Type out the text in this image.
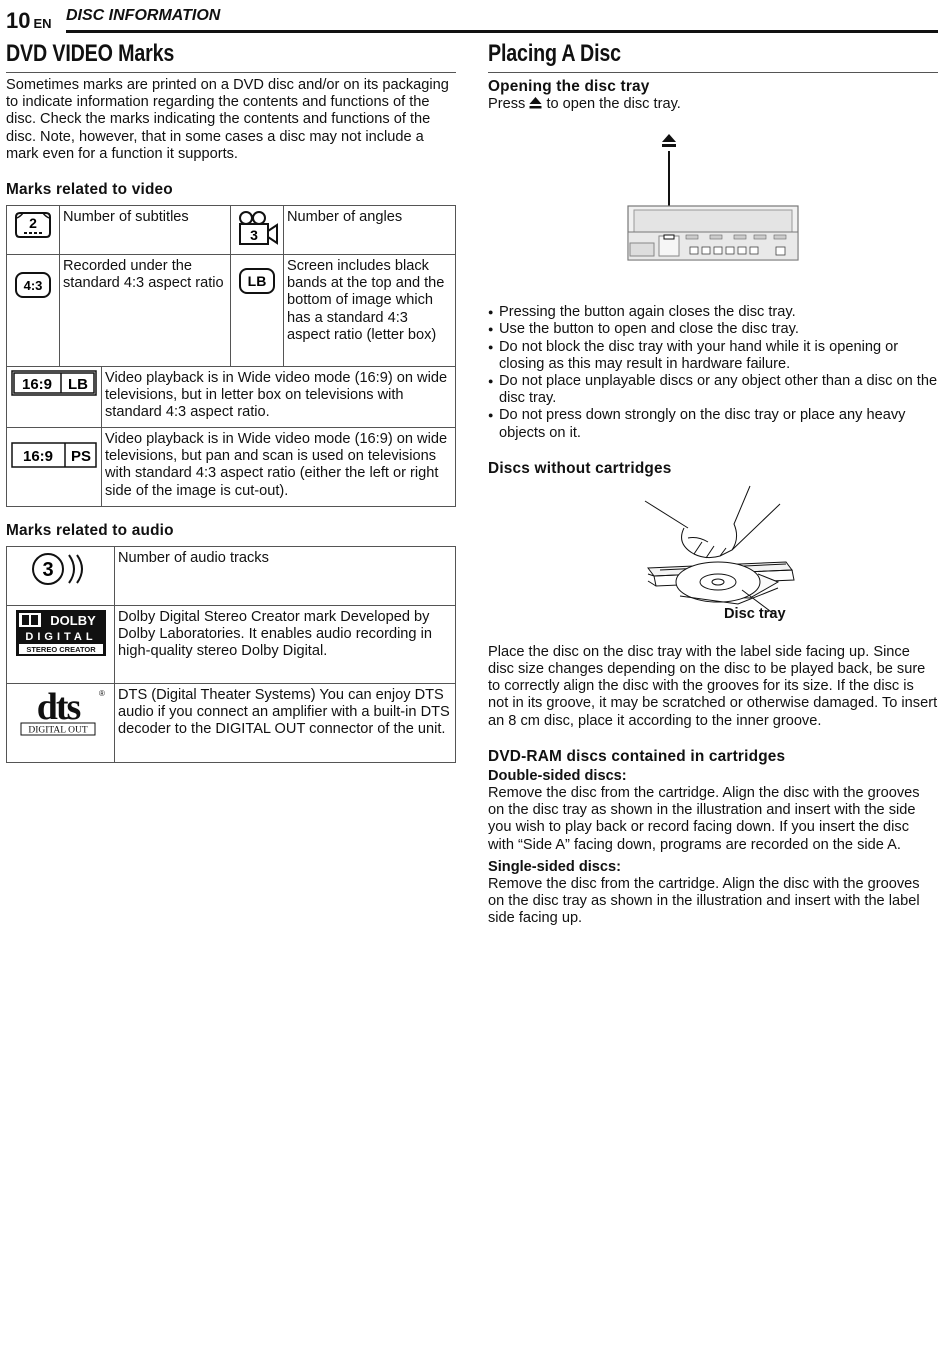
10 EN DISC INFORMATION
DVD VIDEO Marks

Sometimes marks are printed on a DVD disc and/or on its packaging to indicate information regarding the contents and functions of the disc. Check the marks indicating the contents and functions of the disc. Note, however, that in some cases a disc may not include a mark even for a function it supports.

Marks related to video
2	Number of subtitles	3	Number of angles

4:3	Recorded under the standard 4:3 aspect ratio	LB	Screen includes black bands at the top and the bottom of image which has a standard 4:3 aspect ratio (letter box)
16:9 LB	Video playback is in Wide video mode (16:9) on wide televisions, but in letter box on televisions with standard 4:3 aspect ratio.

16:9 PS	Video playback is in Wide video mode (16:9) on wide televisions, but pan and scan is used on televisions with standard 4:3 aspect ratio (either the left or right side of the image is cut-out).
Marks related to audio
3	Number of audio tracks

DOLBY
DIGITAL
STEREO CREATOR	Dolby Digital Stereo Creator mark Developed by Dolby Laboratories. It enables audio recording in high-quality stereo Dolby Digital.

dts ®
DIGITAL OUT	DTS (Digital Theater Systems) You can enjoy DTS audio if you connect an amplifier with a built-in DTS decoder to the DIGITAL OUT connector of the unit.
Placing A Disc
Opening the disc tray

Press to open the disc tray.

● Pressing the button again closes the disc tray.
● Use the button to open and close the disc tray.
● Do not block the disc tray with your hand while it is opening or closing as this may result in hardware failure.
● Do not place unplayable discs or any object other than a disc on the disc tray.
● Do not press down strongly on the disc tray or place any heavy objects on it.
Discs without cartridges
Disc tray

Place the disc on the disc tray with the label side facing up. Since disc size changes depending on the disc to be played back, be sure to correctly align the disc with the grooves for its size. If the disc is not in its groove, it may be scratched or otherwise damaged. To insert an 8 cm disc, place it according to the inner groove.

DVD-RAM discs contained in cartridges
Double-sided discs:

Remove the disc from the cartridge. Align the disc with the grooves on the disc tray as shown in the illustration and insert with the side you wish to play back or record facing down. If you insert the disc with “Side A” facing down, programs are recorded on the side A.

Single-sided discs:

Remove the disc from the cartridge. Align the disc with the grooves on the disc tray as shown in the illustration and insert with the label side facing up.
